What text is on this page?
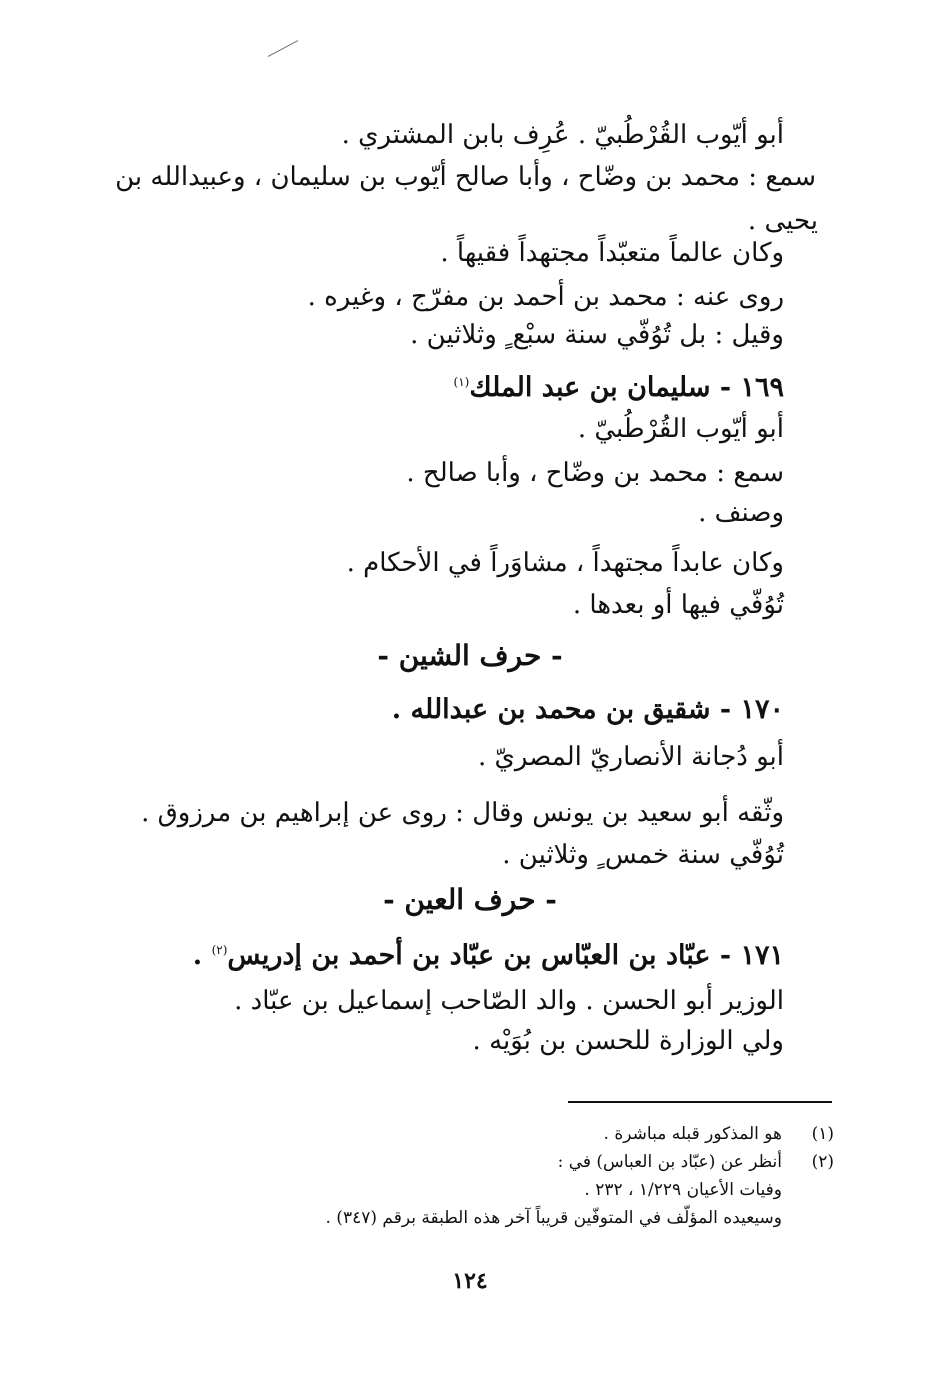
أبو أيّوب القُرْطُبيّ . عُرِف بابن المشتري .
سمع : محمد بن وضّاح ، وأبا صالح أيّوب بن سليمان ، وعبيدالله بن
يحيى .
وكان عالماً متعبّداً مجتهداً فقيهاً .
روى عنه : محمد بن أحمد بن مفرّج ، وغيره .
وقيل : بل تُوُفّي سنة سبْع ٍ وثلاثين .
١٦٩ - سليمان بن عبد الملك$^{(١)}$
أبو أيّوب القُرْطُبيّ .
سمع : محمد بن وضّاح ، وأبا صالح .
وصنف .
وكان عابداً مجتهداً ، مشاوَراً في الأحكام .
تُوُفّي فيها أو بعدها .
- حرف الشين -
١٧٠ - شقيق بن محمد بن عبدالله .
أبو دُجانة الأنصاريّ المصريّ .
وثّقه أبو سعيد بن يونس وقال : روى عن إبراهيم بن مرزوق .
تُوُفّي سنة خمس ٍ وثلاثين .
- حرف العين -
١٧١ - عبّاد بن العبّاس بن عبّاد بن أحمد بن إدريس$^{(٢)}$ .
الوزير أبو الحسن . والد الصّاحب إسماعيل بن عبّاد .
ولي الوزارة للحسن بن بُوَيْه .
(١)هو المذكور قبله مباشرة .
(٢)أنظر عن (عبّاد بن العباس) في :
وفيات الأعيان ١/٢٢٩ ، ٢٣٢ .
وسيعيده المؤلّف في المتوفّين قريباً آخر هذه الطبقة برقم (٣٤٧) .
١٢٤
